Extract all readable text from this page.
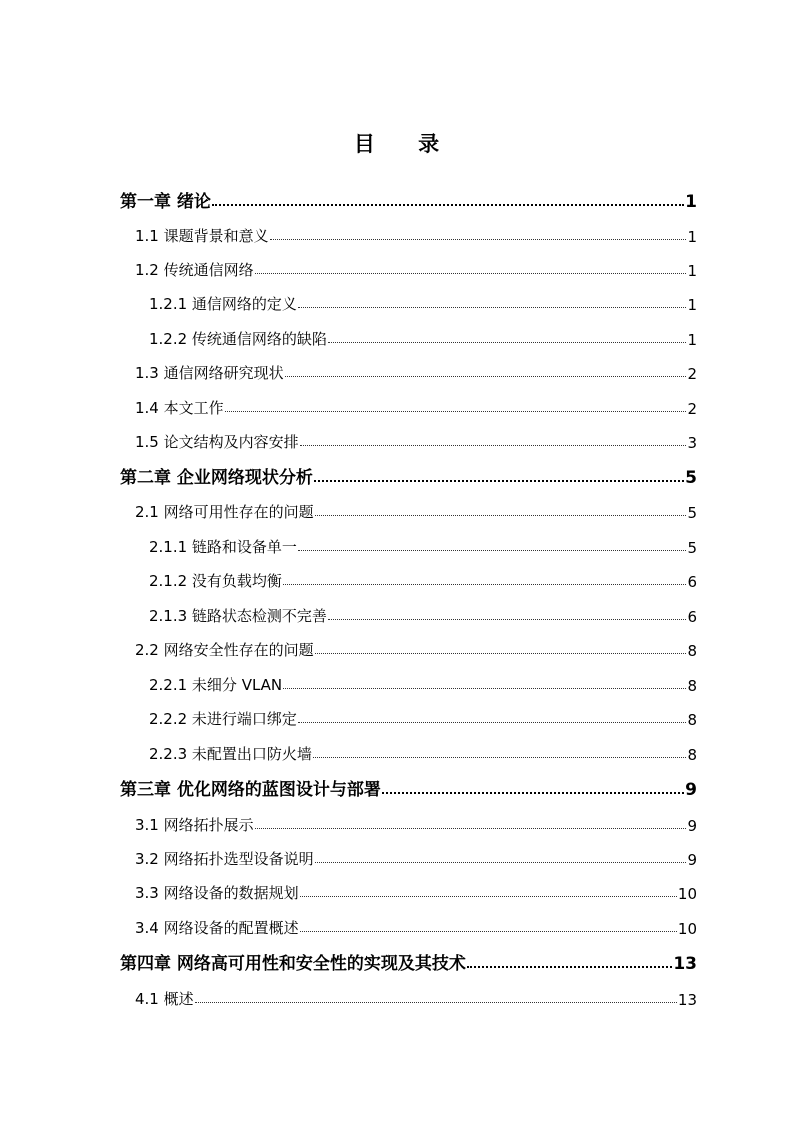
目 录
第一章 绪论	1
1.1 课题背景和意义	1
1.2 传统通信网络	1
1.2.1 通信网络的定义	1
1.2.2 传统通信网络的缺陷	1
1.3 通信网络研究现状	2
1.4 本文工作	2
1.5 论文结构及内容安排	3
第二章 企业网络现状分析	5
2.1 网络可用性存在的问题	5
2.1.1 链路和设备单一	5
2.1.2 没有负载均衡	6
2.1.3 链路状态检测不完善	6
2.2 网络安全性存在的问题	8
2.2.1 未细分 VLAN	8
2.2.2 未进行端口绑定	8
2.2.3 未配置出口防火墙	8
第三章 优化网络的蓝图设计与部署	9
3.1 网络拓扑展示	9
3.2 网络拓扑选型设备说明	9
3.3 网络设备的数据规划	10
3.4 网络设备的配置概述	10
第四章 网络高可用性和安全性的实现及其技术	13
4.1 概述	13
